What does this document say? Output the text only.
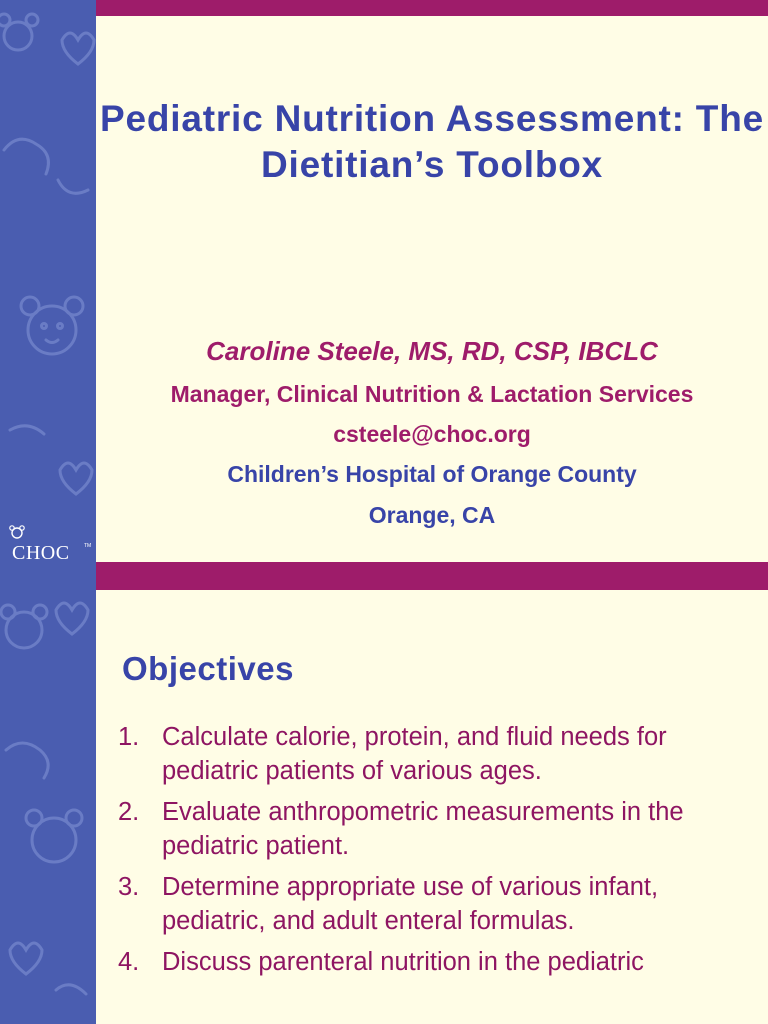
CHOC	TM
Pediatric Nutrition Assessment: The Dietitian’s Toolbox
Caroline Steele, MS, RD, CSP, IBCLC
Manager, Clinical Nutrition & Lactation Services
csteele@choc.org
Children’s Hospital of Orange County
Orange, CA
Objectives
1. Calculate calorie, protein, and fluid needs for pediatric patients of various ages.
2. Evaluate anthropometric measurements in the pediatric patient.
3. Determine appropriate use of various infant, pediatric, and adult enteral formulas.
4. Discuss parenteral nutrition in the pediatric
